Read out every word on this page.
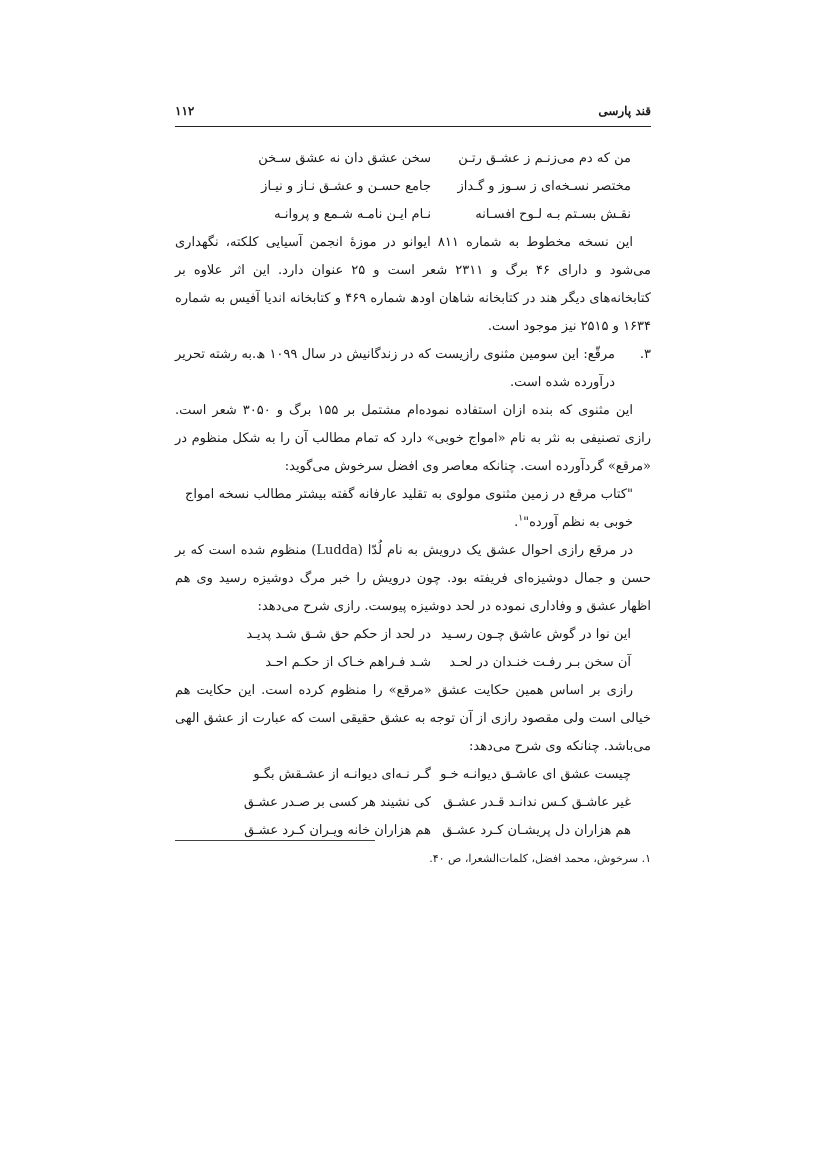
قند پارسی
۱۱۲
من که دم می‌زنـم ز عشـق رتـن
سخن عشق دان نه عشق سـخن
مختصر نسـخه‌ای ز سـوز و گـداز
جامع حسـن و عشـق نـاز و نیـاز
نقـش بسـتم بـه لـوح افسـانه
نـام ایـن نامـه شـمع و پروانـه

این نسخه مخطوط به شماره ۸۱۱ ایوانو در موزهٔ انجمن آسیایی کلکته، نگهداری می‌شود و دارای ۴۶ برگ و ۲۳۱۱ شعر است و ۲۵ عنوان دارد. این اثر علاوه بر کتابخانه‌های دیگر هند در کتابخانه شاهان اودھ شماره ۴۶۹ و کتابخانه اندیا آفیس به شماره ۱۶۳۴ و ۲۵۱۵ نیز موجود است.

۳.
مرقّع: این سومین مثنوی رازیست که در زندگانیش در سال ۱۰۹۹ ھ.به رشته تحریر درآورده شده است.

این مثنوی که بنده ازان استفاده نموده‌ام مشتمل بر ۱۵۵ برگ و ۳۰۵۰ شعر است. رازی تصنیفی به نثر به نام «امواج خوبی» دارد که تمام مطالب آن را به شکل منظوم در «مرقع» گردآورده است. چنانکه معاصر وی افضل سرخوش می‌گوید:

"کتاب مرقع در زمین مثنوی مولوی به تقلید عارفانه گفته بیشتر مطالب نسخه امواج خوبی به نظم آورده"$^۱$.

در مرقع رازی احوال عشق یک درویش به نام لُدّا (Ludda) منظوم شده است که بر حسن و جمال دوشیزه‌ای فریفته بود. چون درویش را خبر مرگ دوشیزه رسید وی هم اظهار عشق و وفاداری نموده در لحد دوشیزه پیوست. رازی شرح می‌دهد:

این نوا در گوش عاشق چـون رسـید
در لحد از حکم حق شـق شـد پدیـد
آن سخن بـر رفـت خنـدان در لحـد
شـد فـراهم خـاک از حکـم احـد

رازی بر اساس همین حکایت عشق «مرقع» را منظوم کرده است. این حکایت هم خیالی است ولی مقصود رازی از آن توجه به عشق حقیقی است که عبارت از عشق الهی می‌باشد. چنانکه وی شرح می‌دهد:

چیست عشق ای عاشـق دیوانـه خـو
گـر نـه‌ای دیوانـه از عشـقش بگـو
غیر عاشـق کـس ندانـد قـدر عشـق
کی نشیند هر کسی بر صـدر عشـق
هم هزاران دل پریشـان کـرد عشـق
هم هزاران خانه ویـران کـرد عشـق
۱. سرخوش، محمد افضل، کلمات‌الشعرا، ص ۴۰.
